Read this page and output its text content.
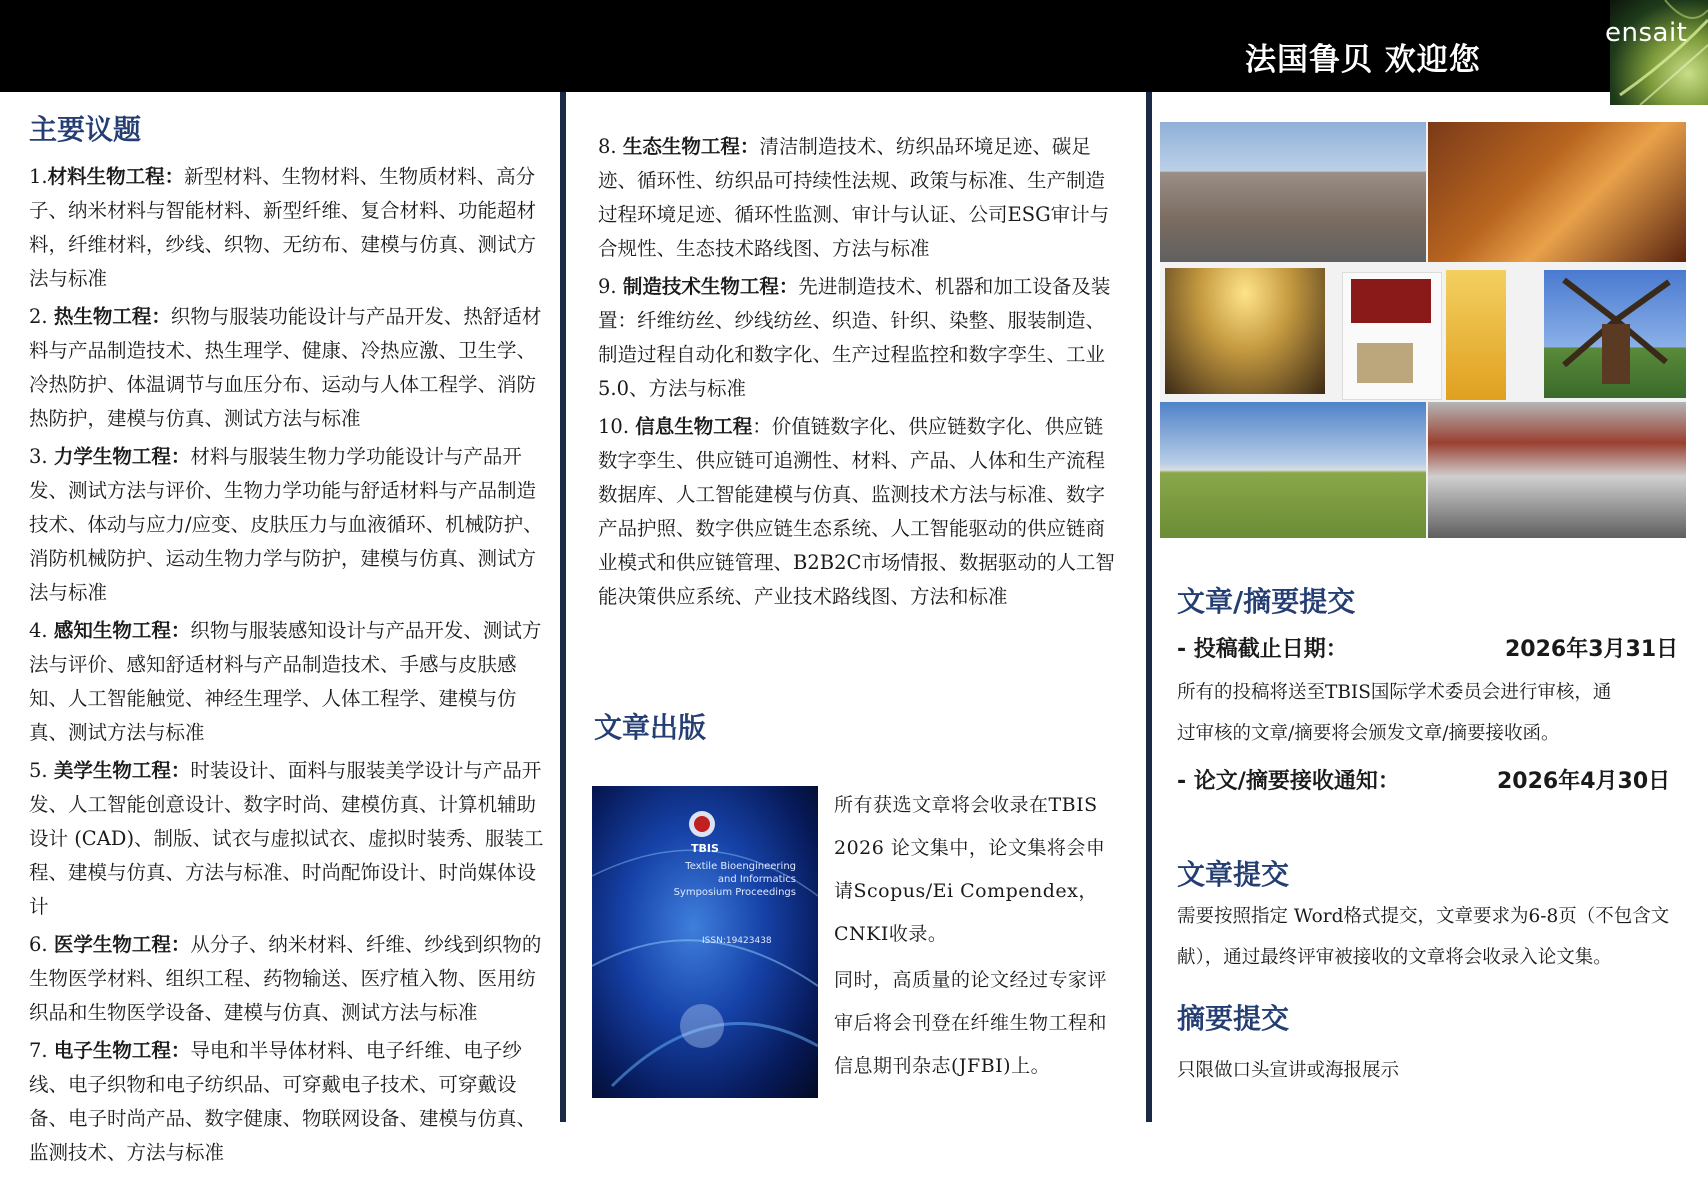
法国鲁贝 欢迎您
ensait
主要议题

1.材料生物工程：新型材料、生物材料、生物质材料、高分子、纳米材料与智能材料、新型纤维、复合材料、功能超材料，纤维材料，纱线、织物、无纺布、建模与仿真、测试方法与标准

2. 热生物工程：织物与服装功能设计与产品开发、热舒适材料与产品制造技术、热生理学、健康、冷热应激、卫生学、冷热防护、体温调节与血压分布、运动与人体工程学、消防热防护，建模与仿真、测试方法与标准

3. 力学生物工程：材料与服装生物力学功能设计与产品开发、测试方法与评价、生物力学功能与舒适材料与产品制造技术、体动与应力/应变、皮肤压力与血液循环、机械防护、消防机械防护、运动生物力学与防护，建模与仿真、测试方法与标准

4. 感知生物工程：织物与服装感知设计与产品开发、测试方法与评价、感知舒适材料与产品制造技术、手感与皮肤感知、人工智能触觉、神经生理学、人体工程学、建模与仿真、测试方法与标准

5. 美学生物工程：时装设计、面料与服装美学设计与产品开发、人工智能创意设计、数字时尚、建模仿真、计算机辅助设计 (CAD)、制版、试衣与虚拟试衣、虚拟时装秀、服装工程、建模与仿真、方法与标准、时尚配饰设计、时尚媒体设计

6. 医学生物工程：从分子、纳米材料、纤维、纱线到织物的生物医学材料、组织工程、药物输送、医疗植入物、医用纺织品和生物医学设备、建模与仿真、测试方法与标准

7. 电子生物工程：导电和半导体材料、电子纤维、电子纱线、电子织物和电子纺织品、可穿戴电子技术、可穿戴设备、电子时尚产品、数字健康、物联网设备、建模与仿真、监测技术、方法与标准

8. 生态生物工程：清洁制造技术、纺织品环境足迹、碳足迹、循环性、纺织品可持续性法规、政策与标准、生产制造过程环境足迹、循环性监测、审计与认证、公司ESG审计与合规性、生态技术路线图、方法与标准

9. 制造技术生物工程：先进制造技术、机器和加工设备及装置：纤维纺丝、纱线纺丝、织造、针织、染整、服装制造、制造过程自动化和数字化、生产过程监控和数字孪生、工业5.0、方法与标准

10. 信息生物工程：价值链数字化、供应链数字化、供应链数字孪生、供应链可追溯性、材料、产品、人体和生产流程数据库、人工智能建模与仿真、监测技术方法与标准、数字产品护照、数字供应链生态系统、人工智能驱动的供应链商业模式和供应链管理、B2B2C市场情报、数据驱动的人工智能决策供应系统、产业技术路线图、方法和标准

文章出版
TBIS
Textile Bioengineering and Informatics Symposium Proceedings
ISSN:19423438
所有获选文章将会收录在TBIS 2026 论文集中，论文集将会申请Scopus/Ei Compendex，CNKI收录。
同时，高质量的论文经过专家评审后将会刊登在纤维生物工程和信息期刊杂志(JFBI)上。
文章/摘要提交
- 投稿截止日期：	2026年3月31日

所有的投稿将送至TBIS国际学术委员会进行审核，通过审核的文章/摘要将会颁发文章/摘要接收函。

- 论文/摘要接收通知：	2026年4月30日
文章提交

需要按照指定 Word格式提交，文章要求为6-8页（不包含文献），通过最终评审被接收的文章将会收录入论文集。

摘要提交

只限做口头宣讲或海报展示
